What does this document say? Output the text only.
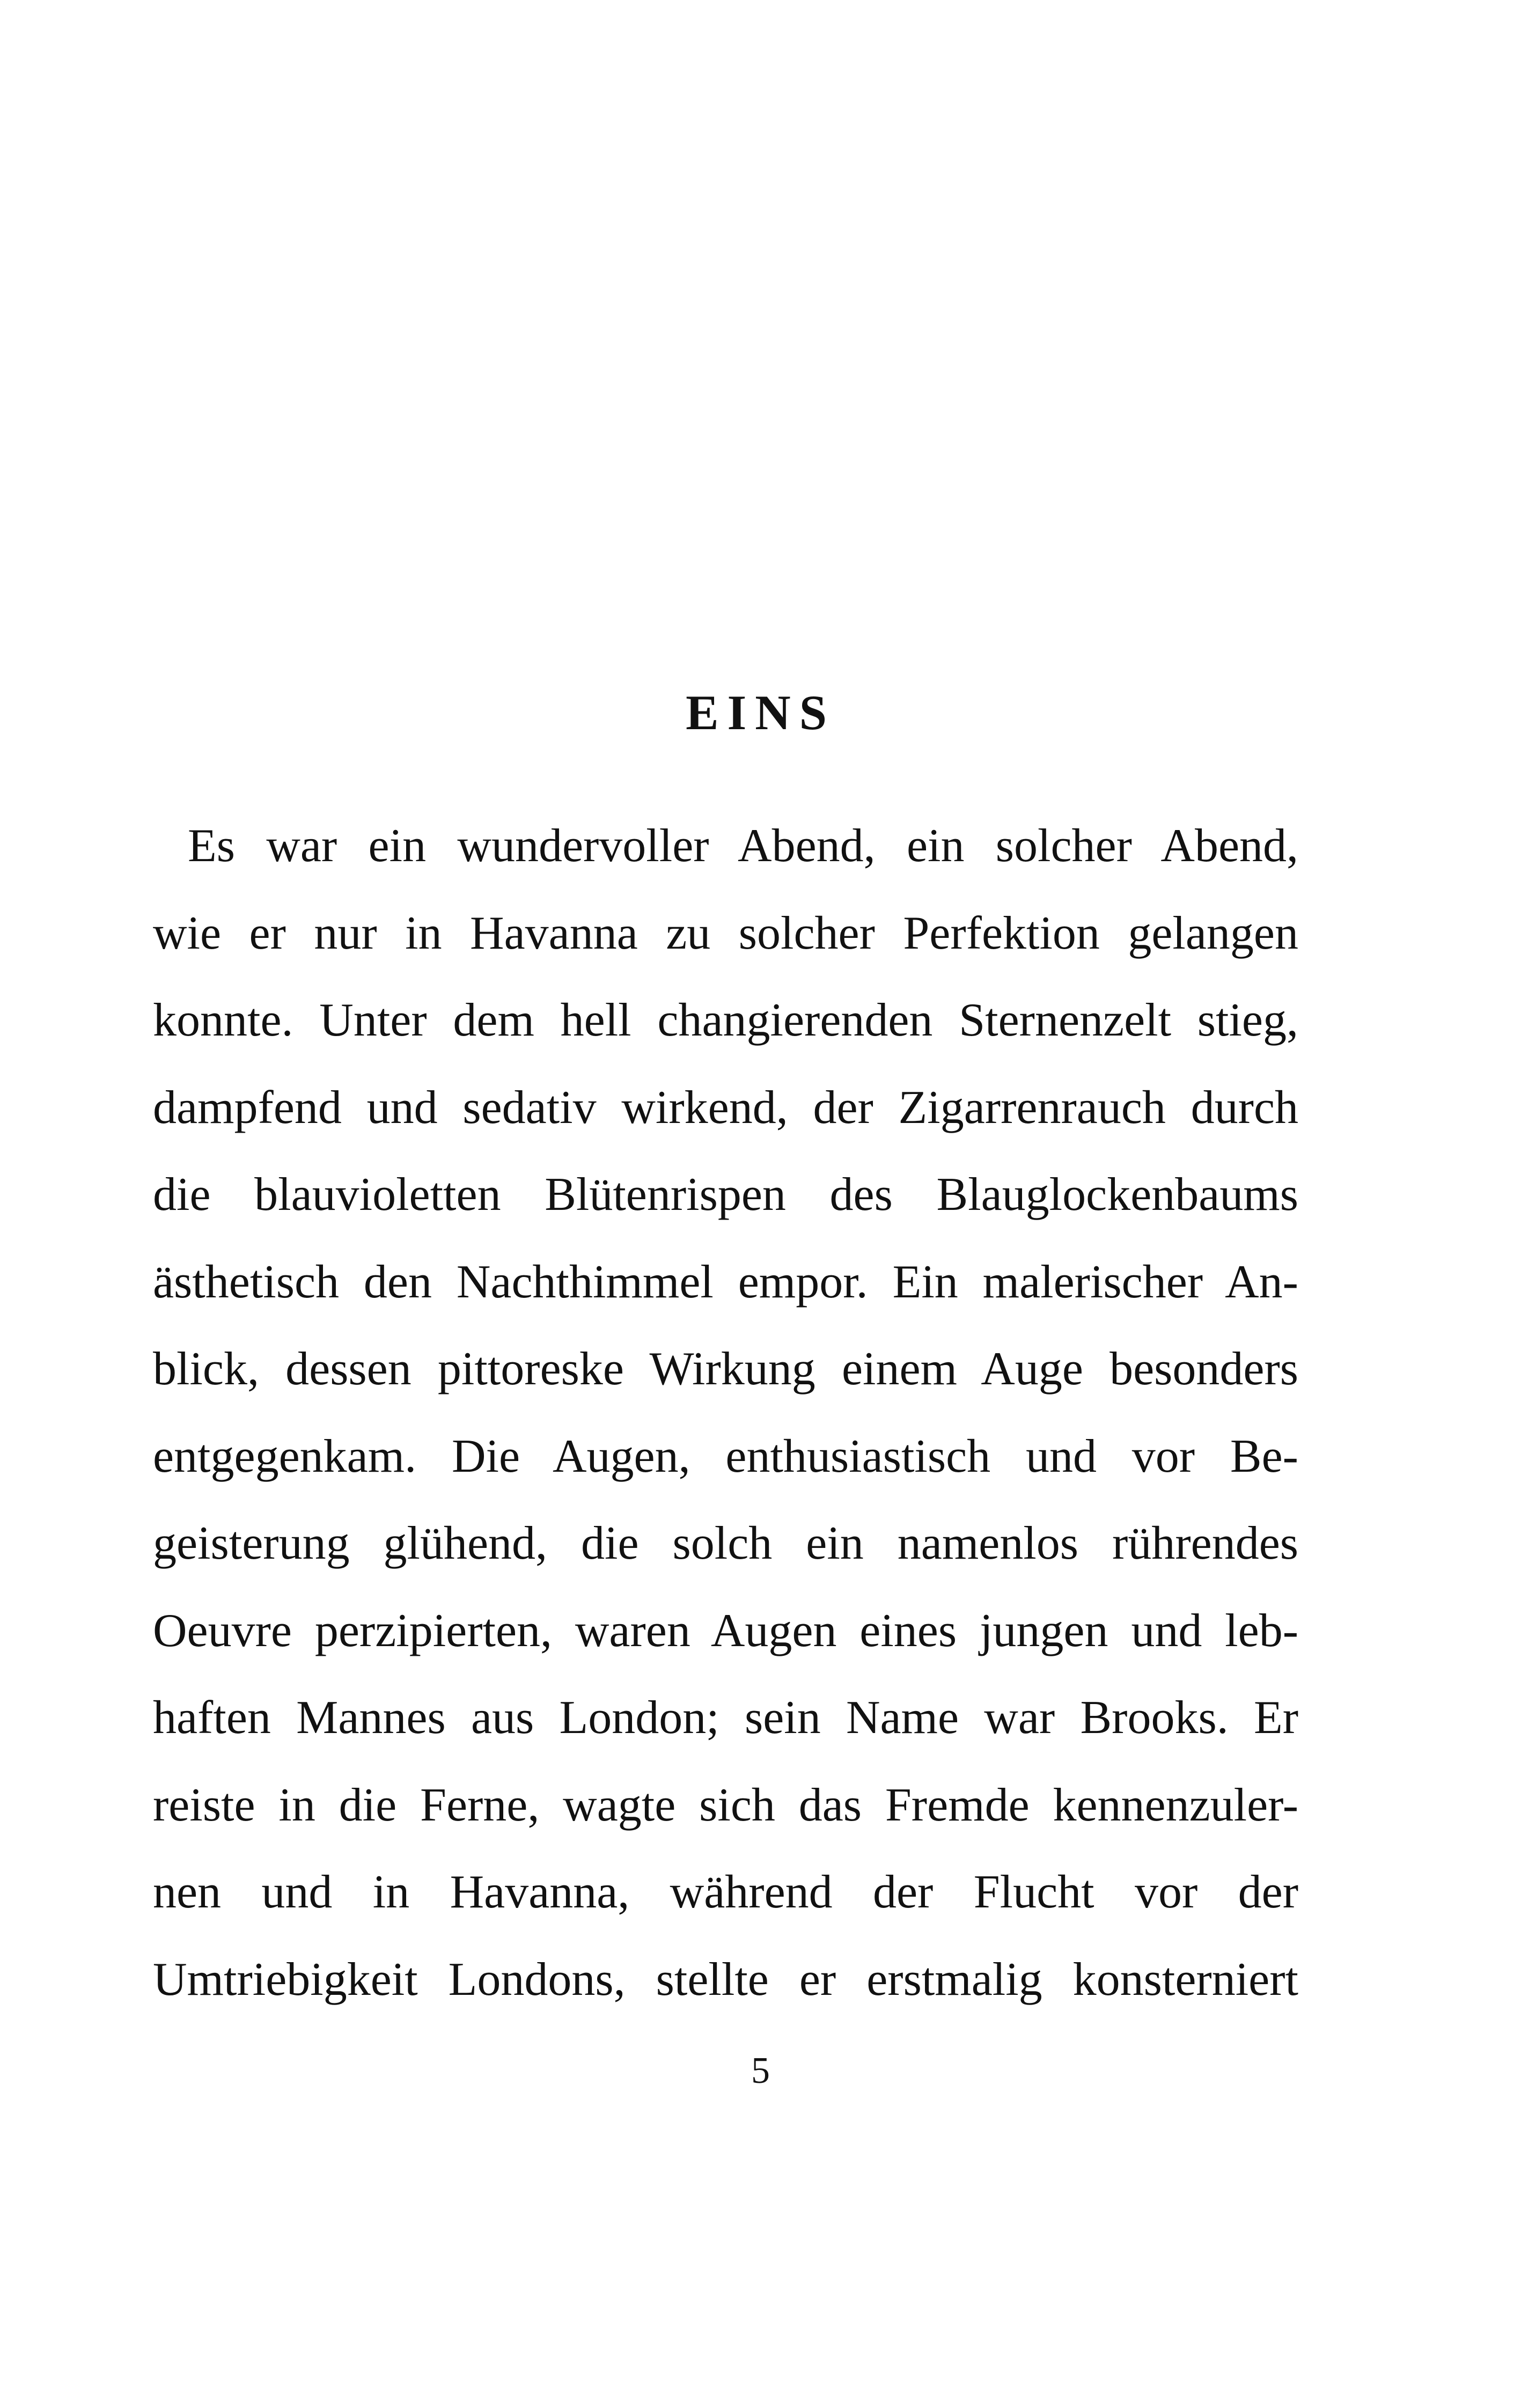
EINS
Es war ein wundervoller Abend, ein solcher Abend,
wie er nur in Havanna zu solcher Perfektion gelangen
konnte. Unter dem hell changierenden Sternenzelt stieg,
dampfend und sedativ wirkend, der Zigarrenrauch durch
die blauvioletten Blütenrispen des Blauglockenbaums
ästhetisch den Nachthimmel empor. Ein malerischer An-
blick, dessen pittoreske Wirkung einem Auge besonders
entgegenkam. Die Augen, enthusiastisch und vor Be-
geisterung glühend, die solch ein namenlos rührendes
Oeuvre perzipierten, waren Augen eines jungen und leb-
haften Mannes aus London; sein Name war Brooks. Er
reiste in die Ferne, wagte sich das Fremde kennenzuler-
nen und in Havanna, während der Flucht vor der
Umtriebigkeit Londons, stellte er erstmalig konsterniert
5
